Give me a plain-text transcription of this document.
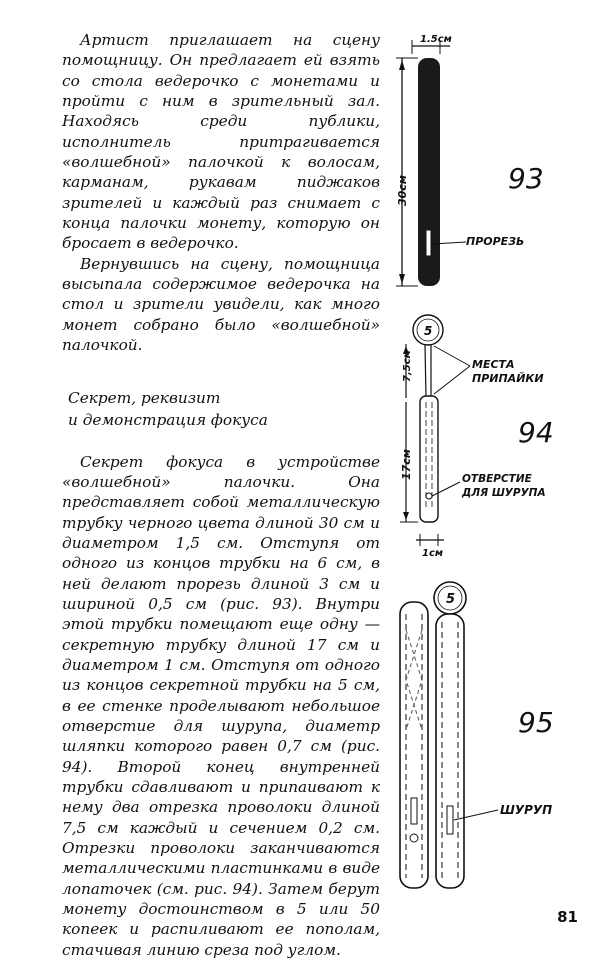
Артист приглашает на сцену помощницу. Он предлагает ей взять со стола ведерочко с монетами и пройти с ним в зрительный зал. Находясь среди публики, исполнитель притрагивается «волшебной» палочкой к волосам, карманам, рукавам пиджаков зрителей и каждый раз снимает с конца палочки монету, которую он бросает в ведерочко.

Вернувшись на сцену, помощница высыпала содержимое ведерочка на стол и зрители увидели, как много монет собрано было «волшебной» палочкой.

Секрет, реквизит
и демонстрация фокуса

Секрет фокуса в устройстве «волшебной» палочки. Она представляет собой металлическую трубку черного цвета длиной 30 см и диаметром 1,5 см. Отступя от одного из концов трубки на 6 см, в ней делают прорезь длиной 3 см и шириной 0,5 см (рис. 93). Внутри этой трубки помещают еще одну — секретную трубку длиной 17 см и диаметром 1 см. Отступя от одного из концов секретной трубки на 5 см, в ее стенке проделывают небольшое отверстие для шурупа, диаметр шляпки которого равен 0,7 см (рис. 94). Второй конец внутренней трубки сдавливают и припаивают к нему два отрезка проволоки длиной 7,5 см каждый и сечением 0,2 см. Отрезки проволоки заканчиваются металлическими пластинками в виде лопаточек (см. рис. 94). Затем берут монету достоинством в 5 или 50 копеек и распиливают ее пополам, стачивая линию среза под углом.

1.5см
30см
ПРОРЕЗЬ
93
5
7,5см
17см
1см
МЕСТА
ПРИПАЙКИ
ОТВЕРСТИЕ
ДЛЯ ШУРУПА
94
5
ШУРУП
95
81
